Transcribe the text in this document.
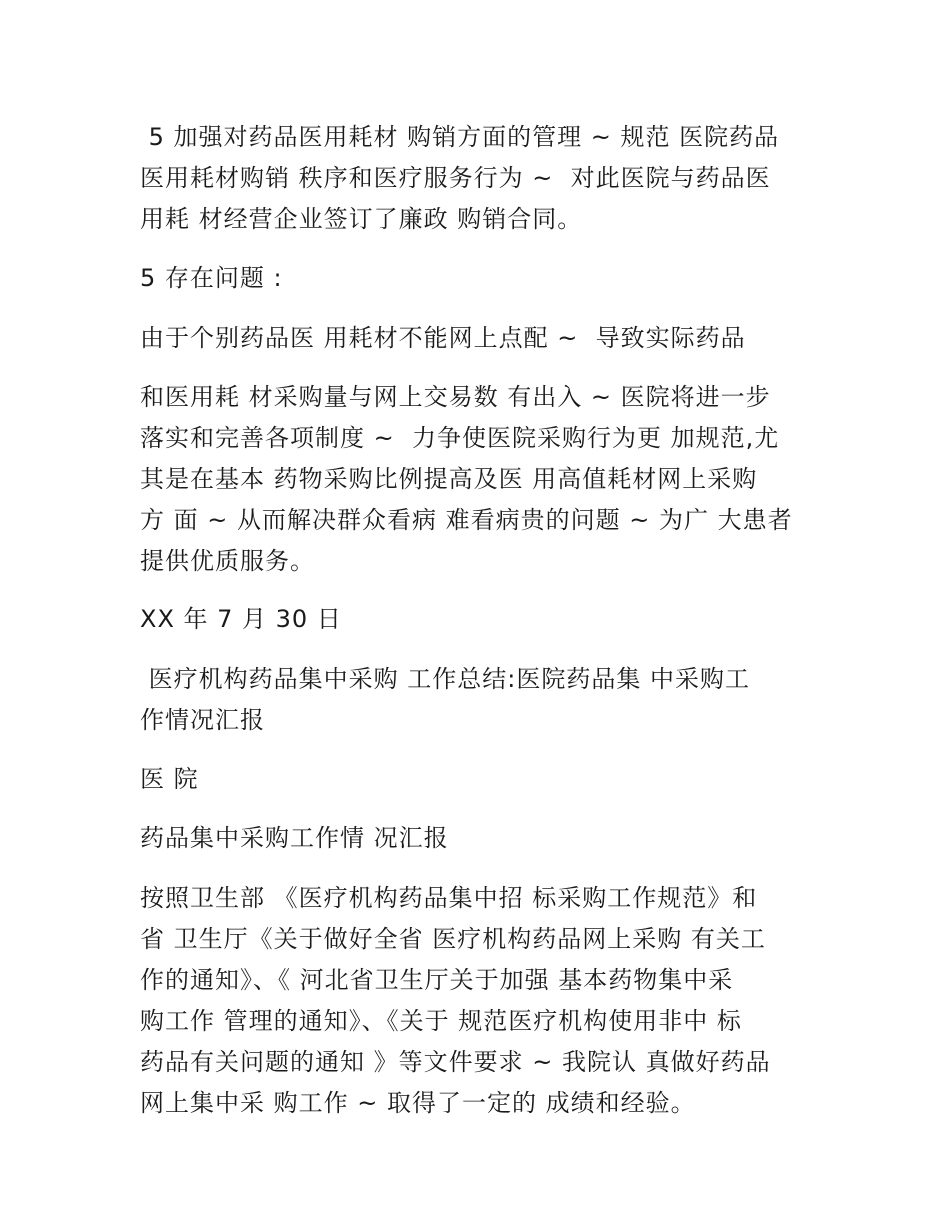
5 加强对药品医用耗材 购销方面的管理 ~ 规范 医院药品
医用耗材购销 秩序和医疗服务行为 ~  对此医院与药品医
用耗 材经营企业签订了廉政 购销合同。

5 存在问题 :

由于个别药品医 用耗材不能网上点配 ~  导致实际药品

和医用耗 材采购量与网上交易数 有出入 ~ 医院将进一步
落实和完善各项制度 ~  力争使医院采购行为更 加规范,尤
其是在基本 药物采购比例提高及医 用高值耗材网上采购
方 面 ~ 从而解决群众看病 难看病贵的问题 ~ 为广 大患者
提供优质服务。

XX 年 7 月 30 日

医疗机构药品集中采购 工作总结:医院药品集 中采购工
作情况汇报

医 院

药品集中采购工作情 况汇报

按照卫生部 《医疗机构药品集中招 标采购工作规范》和
省 卫生厅《关于做好全省 医疗机构药品网上采购 有关工
作的通知》、《 河北省卫生厅关于加强 基本药物集中采
购工作 管理的通知》、《关于 规范医疗机构使用非中 标
药品有关问题的通知 》等文件要求 ~ 我院认 真做好药品
网上集中采 购工作 ~ 取得了一定的 成绩和经验。
